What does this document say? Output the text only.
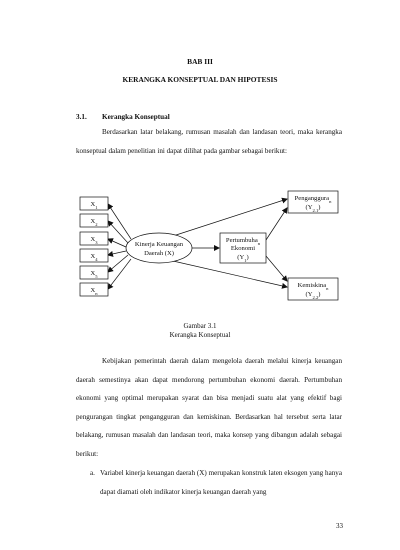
BAB III
KERANGKA KONSEPTUAL DAN HIPOTESIS
3.1. Kerangka Konseptual

Berdasarkan latar belakang, rumusan masalah dan landasan teori, maka kerangka konseptual dalam penelitian ini dapat dilihat pada gambar sebagai berikut:

$X_1$
$X_2$
$X_3$
$X_4$
$X_5$
$X_n$
Kinerja Keuangan
Daerah (X)
Pertumbuha$_n$
Ekonomi
$(Y_1)$
Penganggura$_n$
$(Y_{2.1})$
Kemiskina$_n$
$(Y_{2.2})$
Gambar 3.1
Kerangka Konseptual

Kebijakan pemerintah daerah dalam mengelola daerah melalui kinerja keuangan daerah semestinya akan dapat mendorong pertumbuhan ekonomi daerah. Pertumbuhan ekonomi yang optimal merupakan syarat dan bisa menjadi suatu alat yang efektif bagi pengurangan tingkat pengangguran dan kemiskinan. Berdasarkan hal tersebut serta latar belakang, rumusan masalah dan landasan teori, maka konsep yang dibangun adalah sebagai berikut:

a. Variabel kinerja keuangan daerah (X) merupakan konstruk laten eksogen yang hanya dapat diamati oleh indikator kinerja keuangan daerah yang
33
